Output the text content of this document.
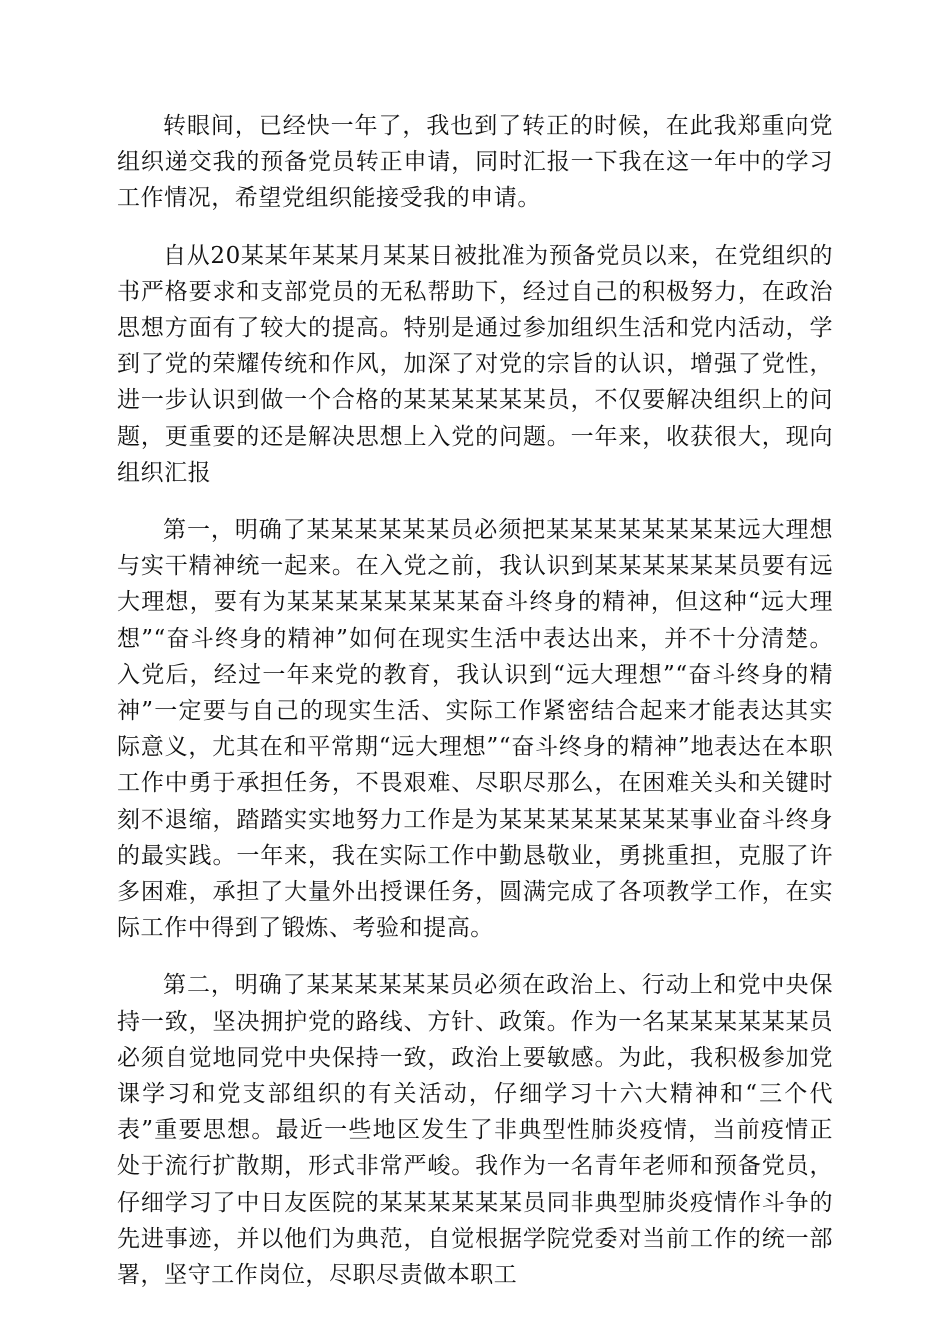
转眼间，已经快一年了，我也到了转正的时候，在此我郑重向党组织递交我的预备党员转正申请，同时汇报一下我在这一年中的学习工作情况，希望党组织能接受我的申请。

自从20某某年某某月某某日被批准为预备党员以来，在党组织的书严格要求和支部党员的无私帮助下，经过自己的积极努力，在政治思想方面有了较大的提高。特别是通过参加组织生活和党内活动，学到了党的荣耀传统和作风，加深了对党的宗旨的认识，增强了党性，进一步认识到做一个合格的某某某某某某员，不仅要解决组织上的问题，更重要的还是解决思想上入党的问题。一年来，收获很大，现向组织汇报

第一，明确了某某某某某某员必须把某某某某某某某某远大理想与实干精神统一起来。在入党之前，我认识到某某某某某某员要有远大理想，要有为某某某某某某某某奋斗终身的精神，但这种“远大理想”“奋斗终身的精神”如何在现实生活中表达出来，并不十分清楚。入党后，经过一年来党的教育，我认识到“远大理想”“奋斗终身的精神”一定要与自己的现实生活、实际工作紧密结合起来才能表达其实际意义，尤其在和平常期“远大理想”“奋斗终身的精神”地表达在本职工作中勇于承担任务，不畏艰难、尽职尽那么，在困难关头和关键时刻不退缩，踏踏实实地努力工作是为某某某某某某某某事业奋斗终身的最实践。一年来，我在实际工作中勤恳敬业，勇挑重担，克服了许多困难，承担了大量外出授课任务，圆满完成了各项教学工作，在实际工作中得到了锻炼、考验和提高。

第二，明确了某某某某某某员必须在政治上、行动上和党中央保持一致，坚决拥护党的路线、方针、政策。作为一名某某某某某某员必须自觉地同党中央保持一致，政治上要敏感。为此，我积极参加党课学习和党支部组织的有关活动，仔细学习十六大精神和“三个代表”重要思想。最近一些地区发生了非典型性肺炎疫情，当前疫情正处于流行扩散期，形式非常严峻。我作为一名青年老师和预备党员，仔细学习了中日友医院的某某某某某某员同非典型肺炎疫情作斗争的先进事迹，并以他们为典范，自觉根据学院党委对当前工作的统一部署，坚守工作岗位，尽职尽责做本职工
